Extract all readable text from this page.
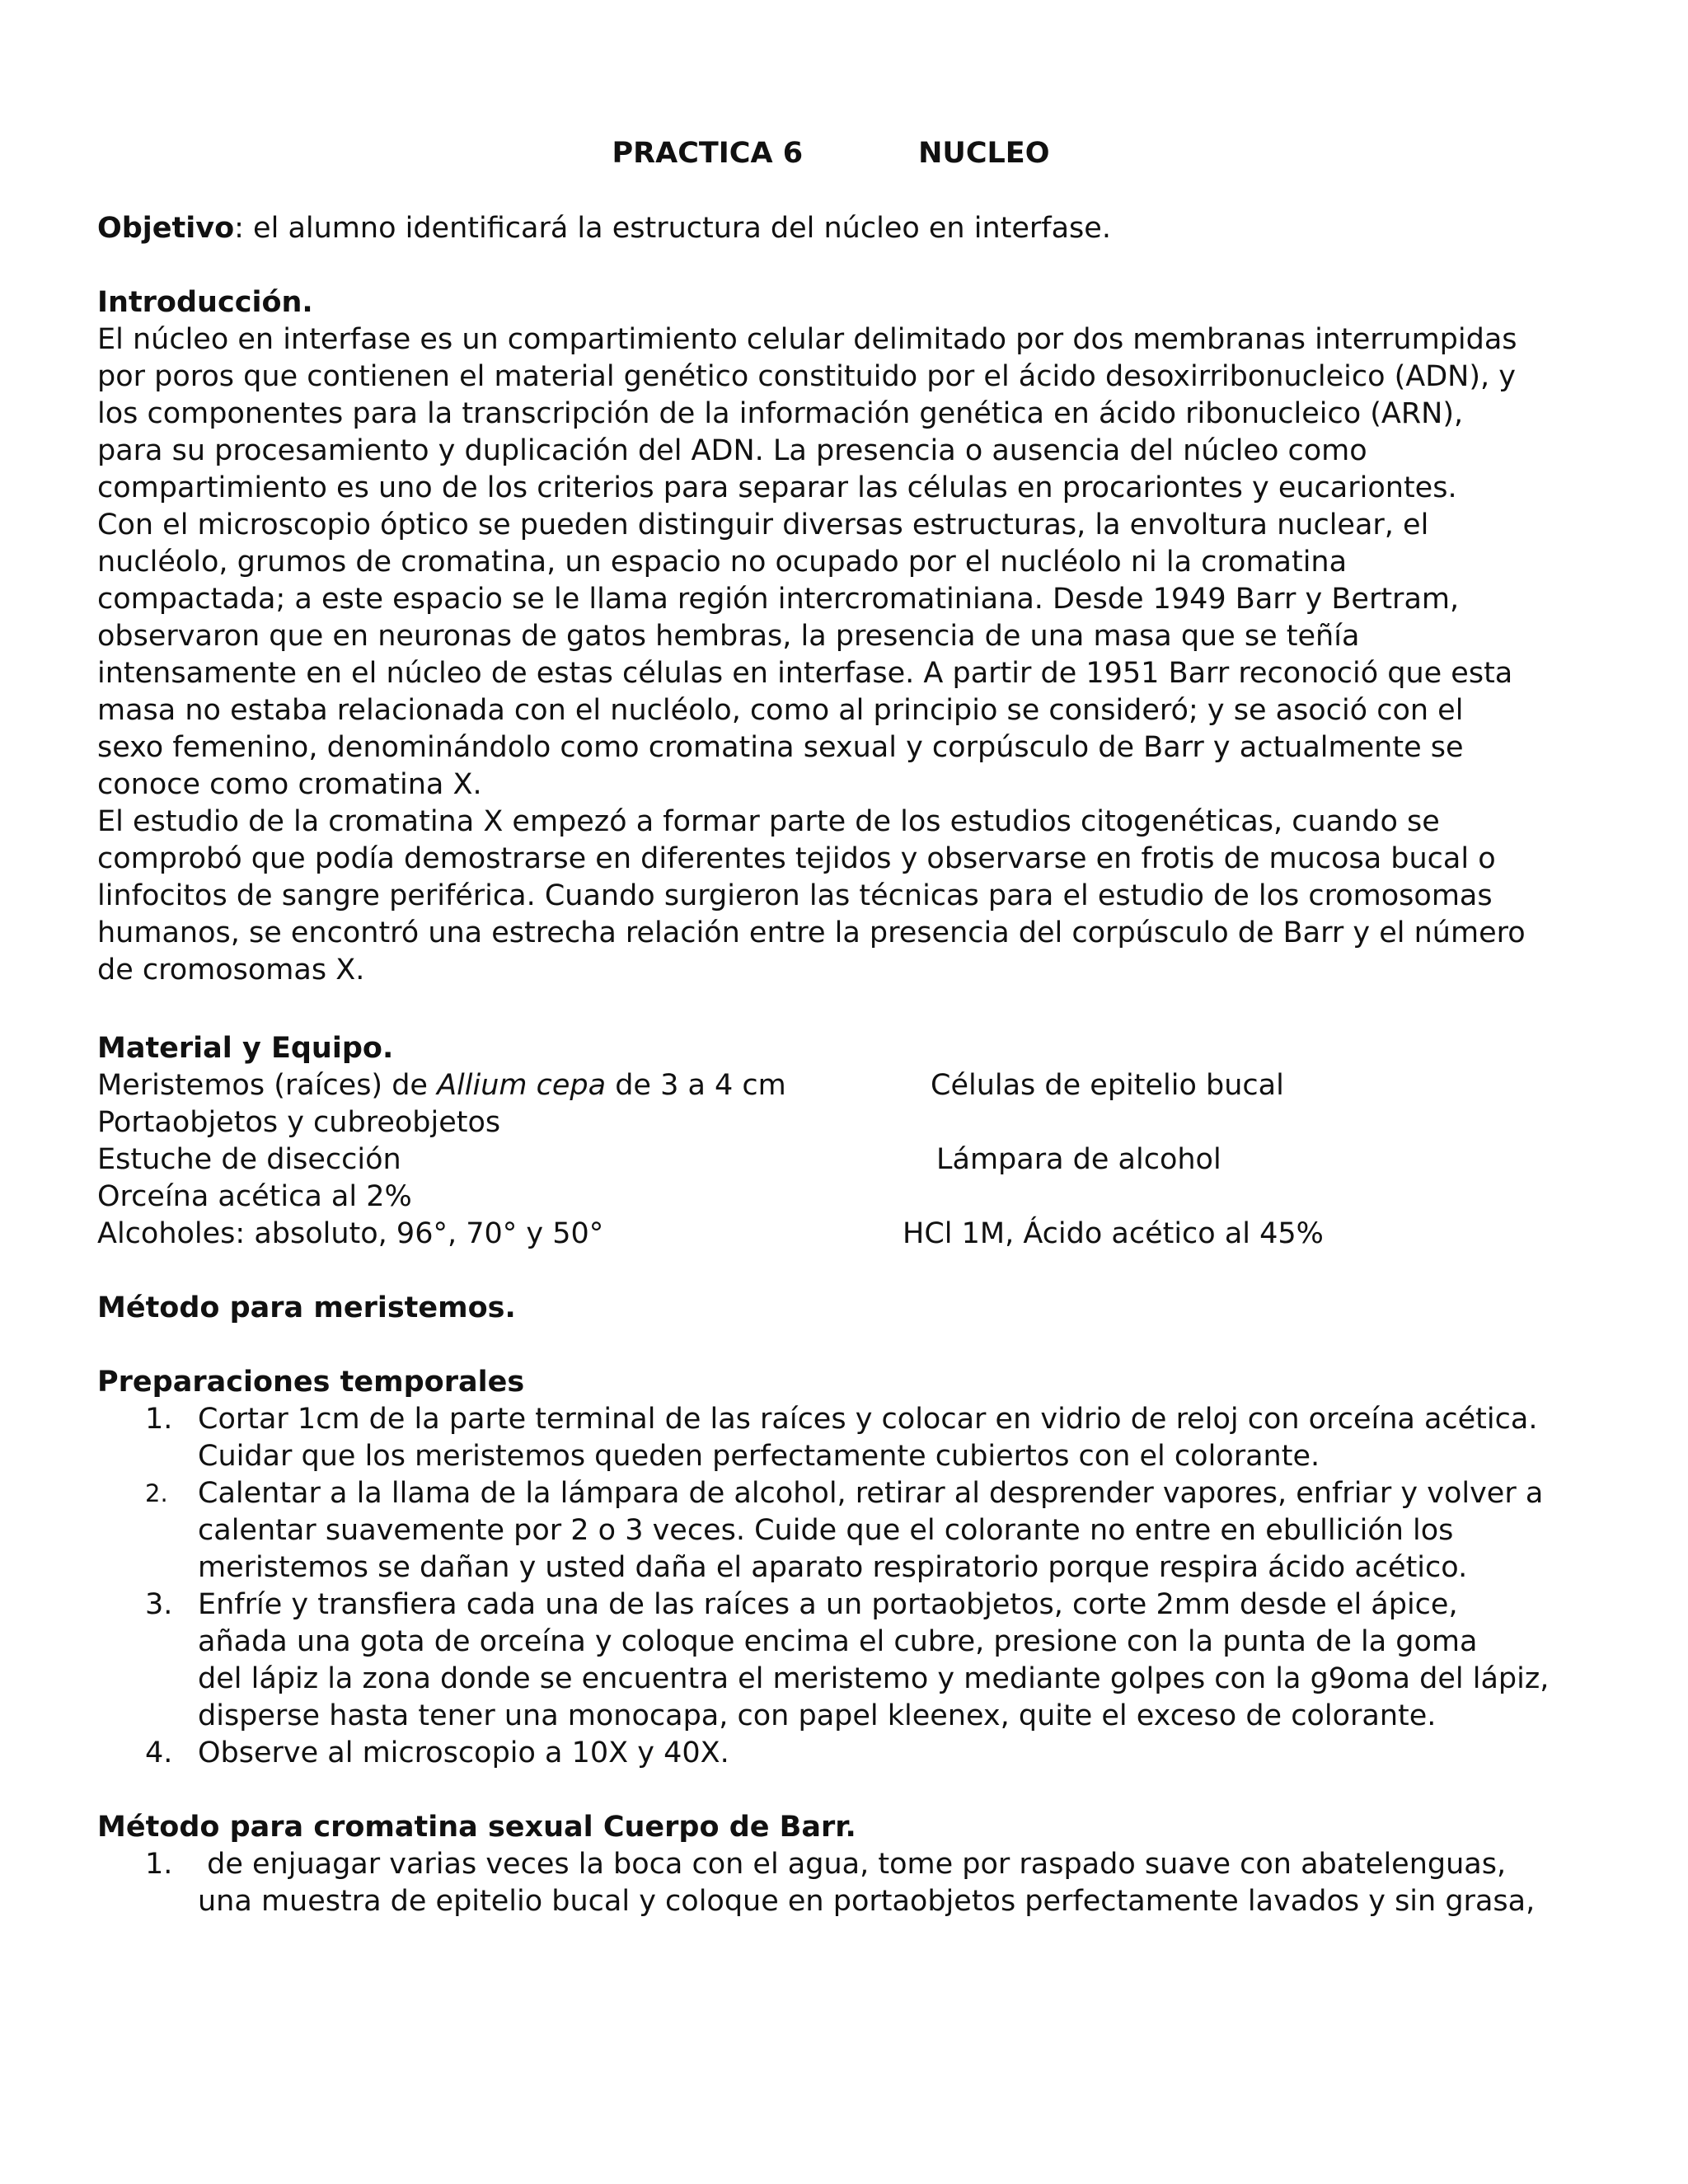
PRACTICA 6	NUCLEO

Objetivo: el alumno identificará la estructura del núcleo en interfase.

Introducción.

El núcleo en interfase es un compartimiento celular delimitado por dos membranas interrumpidas

por poros que contienen el material genético constituido por el ácido desoxirribonucleico (ADN), y

los componentes para la transcripción de la información genética en ácido ribonucleico (ARN),

para su procesamiento y duplicación del ADN. La presencia o ausencia del núcleo como

compartimiento es uno de los criterios para separar las células en procariontes y eucariontes.

Con el microscopio óptico se pueden distinguir diversas estructuras, la envoltura nuclear, el

nucléolo, grumos de cromatina, un espacio no ocupado por el nucléolo ni la cromatina

compactada; a este espacio se le llama región intercromatiniana. Desde 1949 Barr y Bertram,

observaron que en neuronas de gatos hembras, la presencia de una masa que se teñía

intensamente en el núcleo de estas células en interfase. A partir de 1951 Barr reconoció que esta

masa no estaba relacionada con el nucléolo, como al principio se consideró; y se asoció con el

sexo femenino, denominándolo como cromatina sexual y corpúsculo de Barr y actualmente se

conoce como cromatina X.

El estudio de la cromatina X empezó a formar parte de los estudios citogenéticas, cuando se

comprobó que podía demostrarse en diferentes tejidos y observarse en frotis de mucosa bucal o

linfocitos de sangre periférica. Cuando surgieron las técnicas para el estudio de los cromosomas

humanos, se encontró una estrecha relación entre la presencia del corpúsculo de Barr y el número

de cromosomas X.

Material y Equipo.

Meristemos (raíces) de Allium cepa de 3 a 4 cm	Células de epitelio bucal
Portaobjetos y cubreobjetos
Estuche de disección	Lámpara de alcohol
Orceína acética al 2%
Alcoholes: absoluto, 96°, 70° y 50°	HCl 1M, Ácido acético al 45%

Método para meristemos.

Preparaciones temporales

1. Cortar 1cm de la parte terminal de las raíces y colocar en vidrio de reloj con orceína acética.

Cuidar que los meristemos queden perfectamente cubiertos con el colorante.

2. Calentar a la llama de la lámpara de alcohol, retirar al desprender vapores, enfriar y volver a

calentar suavemente por 2 o 3 veces. Cuide que el colorante no entre en ebullición los

meristemos se dañan y usted daña el aparato respiratorio porque respira ácido acético.

3. Enfríe y transfiera cada una de las raíces a un portaobjetos, corte 2mm desde el ápice,

añada una gota de orceína y coloque encima el cubre, presione con la punta de la goma

del lápiz la zona donde se encuentra el meristemo y mediante golpes con la g9oma del lápiz,

disperse hasta tener una monocapa, con papel kleenex, quite el exceso de colorante.

4. Observe al microscopio a 10X y 40X.

Método para cromatina sexual Cuerpo de Barr.

1. de enjuagar varias veces la boca con el agua, tome por raspado suave con abatelenguas,

una muestra de epitelio bucal y coloque en portaobjetos perfectamente lavados y sin grasa,
